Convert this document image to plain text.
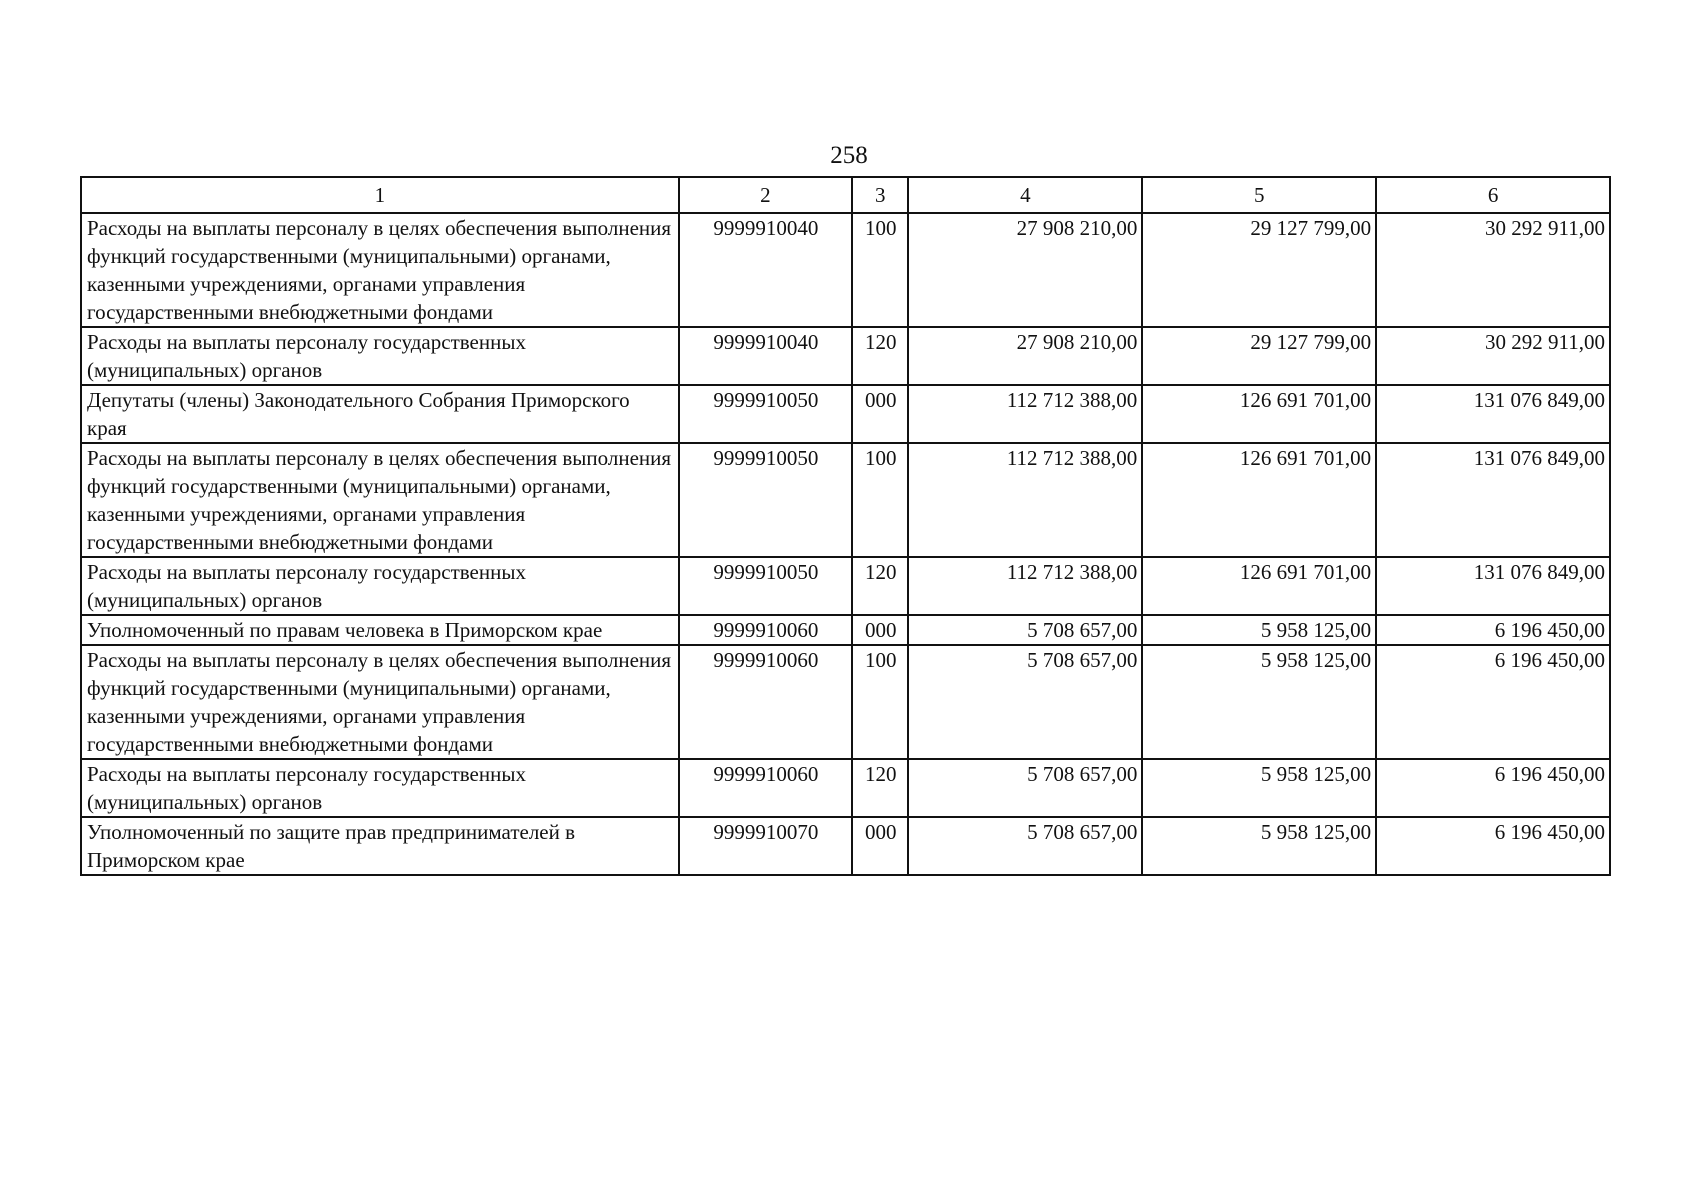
258
1	2	3	4	5	6
Расходы на выплаты персоналу в целях обеспечения выполнения функций государственными (муниципальными) органами, казенными учреждениями, органами управления государственными внебюджетными фондами	9999910040	100	27 908 210,00	29 127 799,00	30 292 911,00
Расходы на выплаты персоналу государственных (муниципальных) органов	9999910040	120	27 908 210,00	29 127 799,00	30 292 911,00
Депутаты (члены) Законодательного Собрания Приморского края	9999910050	000	112 712 388,00	126 691 701,00	131 076 849,00
Расходы на выплаты персоналу в целях обеспечения выполнения функций государственными (муниципальными) органами, казенными учреждениями, органами управления государственными внебюджетными фондами	9999910050	100	112 712 388,00	126 691 701,00	131 076 849,00
Расходы на выплаты персоналу государственных (муниципальных) органов	9999910050	120	112 712 388,00	126 691 701,00	131 076 849,00
Уполномоченный по правам человека в Приморском крае	9999910060	000	5 708 657,00	5 958 125,00	6 196 450,00
Расходы на выплаты персоналу в целях обеспечения выполнения функций государственными (муниципальными) органами, казенными учреждениями, органами управления государственными внебюджетными фондами	9999910060	100	5 708 657,00	5 958 125,00	6 196 450,00
Расходы на выплаты персоналу государственных (муниципальных) органов	9999910060	120	5 708 657,00	5 958 125,00	6 196 450,00
Уполномоченный по защите прав предпринимателей в Приморском крае	9999910070	000	5 708 657,00	5 958 125,00	6 196 450,00
